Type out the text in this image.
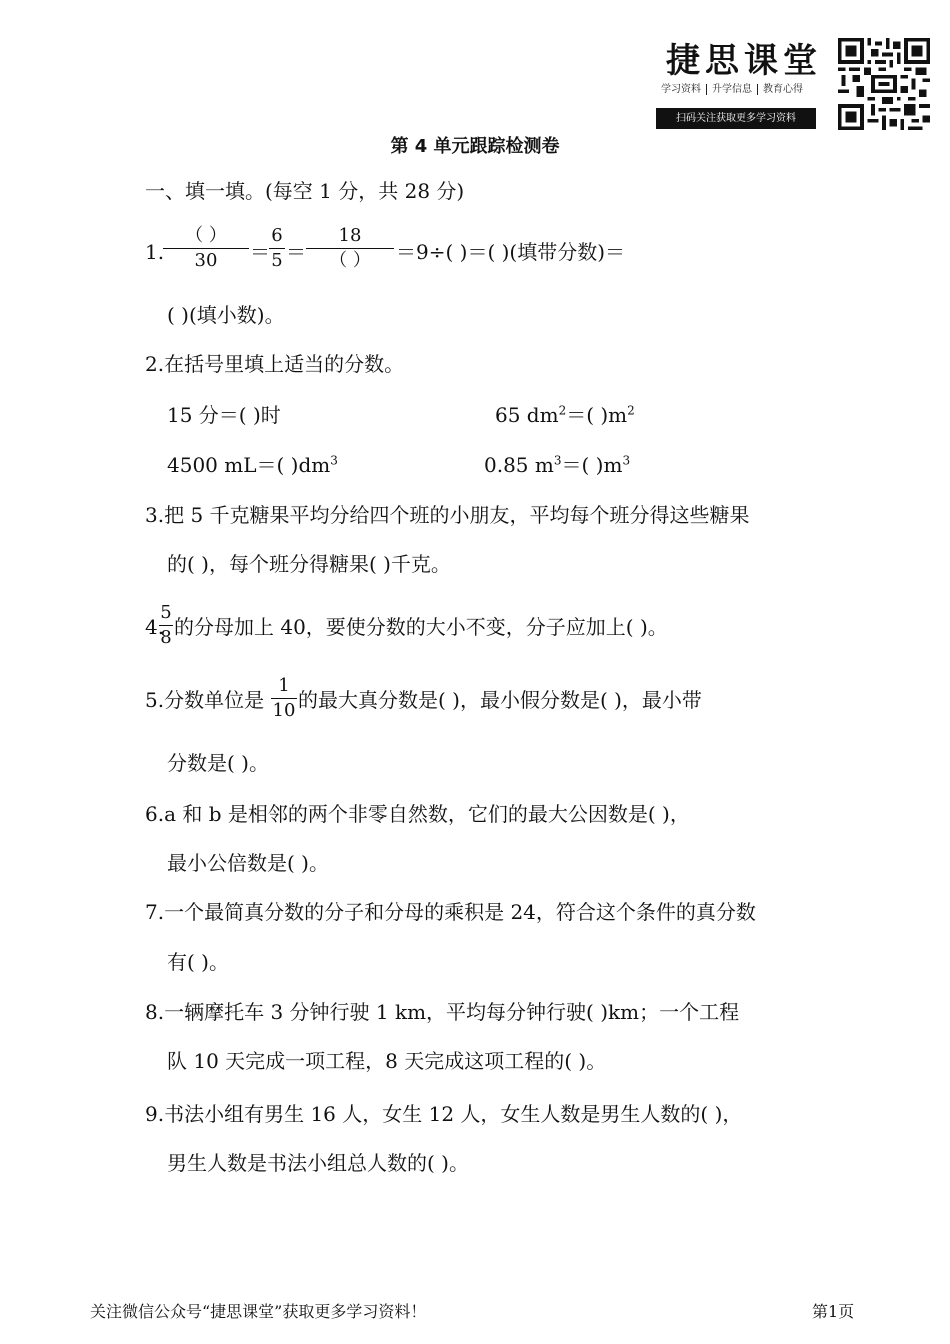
捷思课堂
学习资料 升学信息 教育心得
扫码关注获取更多学习资料
第 4 单元跟踪检测卷
一、填一填。(每空 1 分，共 28 分)
1.
（ ）
30	＝
6
5 ＝
18
（ ）	＝9÷( )＝( )(填带分数)＝
( )(填小数)。
2.在括号里填上适当的分数。
15 分＝( )时	65 $dm^2=$( )$m^2$
4500 mL＝( )$dm^3$	0.85 $m^3=$( )$m^3$
3.把 5 千克糖果平均分给四个班的小朋友，平均每个班分得这些糖果
的( )，每个班分得糖果( )千克。
4.
5
8 的分母加上 40，要使分数的大小不变，分子应加上( )。
5.分数单位是
1
10 的最大真分数是( )，最小假分数是( )，最小带
分数是( )。
6.a 和 b 是相邻的两个非零自然数，它们的最大公因数是( )，
最小公倍数是( )。
7.一个最简真分数的分子和分母的乘积是 24，符合这个条件的真分数
有( )。
8.一辆摩托车 3 分钟行驶 1 km，平均每分钟行驶( )km；一个工程
队 10 天完成一项工程，8 天完成这项工程的( )。
9.书法小组有男生 16 人，女生 12 人，女生人数是男生人数的( )，
男生人数是书法小组总人数的( )。
关注微信公众号“捷思课堂”获取更多学习资料！	第1页
